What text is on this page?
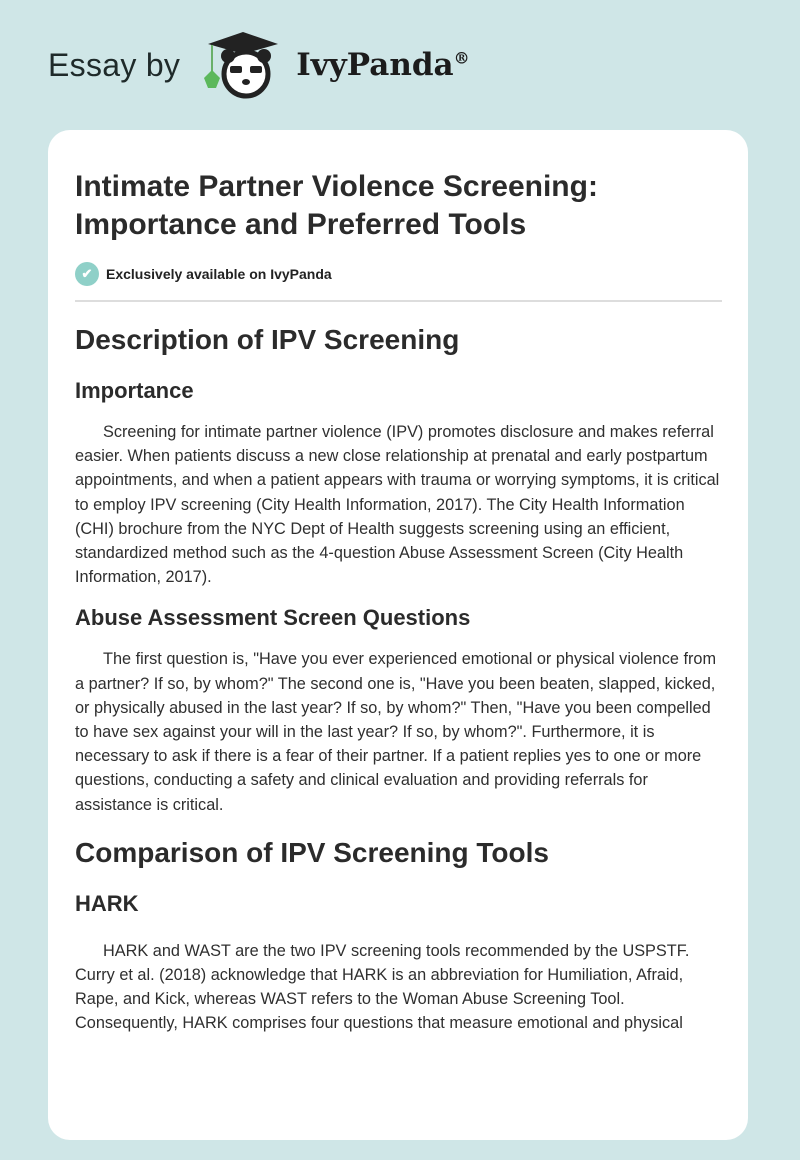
Essay by	IvyPanda®
Intimate Partner Violence Screening: Importance and Preferred Tools
✔ Exclusively available on IvyPanda
Description of IPV Screening
Importance

Screening for intimate partner violence (IPV) promotes disclosure and makes referral easier. When patients discuss a new close relationship at prenatal and early postpartum appointments, and when a patient appears with trauma or worrying symptoms, it is critical to employ IPV screening (City Health Information, 2017). The City Health Information (CHI) brochure from the NYC Dept of Health suggests screening using an efficient, standardized method such as the 4-question Abuse Assessment Screen (City Health Information, 2017).

Abuse Assessment Screen Questions

The first question is, "Have you ever experienced emotional or physical violence from a partner? If so, by whom?" The second one is, "Have you been beaten, slapped, kicked, or physically abused in the last year? If so, by whom?" Then, "Have you been compelled to have sex against your will in the last year? If so, by whom?". Furthermore, it is necessary to ask if there is a fear of their partner. If a patient replies yes to one or more questions, conducting a safety and clinical evaluation and providing referrals for assistance is critical.

Comparison of IPV Screening Tools
HARK

HARK and WAST are the two IPV screening tools recommended by the USPSTF. Curry et al. (2018) acknowledge that HARK is an abbreviation for Humiliation, Afraid, Rape, and Kick, whereas WAST refers to the Woman Abuse Screening Tool. Consequently, HARK comprises four questions that measure emotional and physical
